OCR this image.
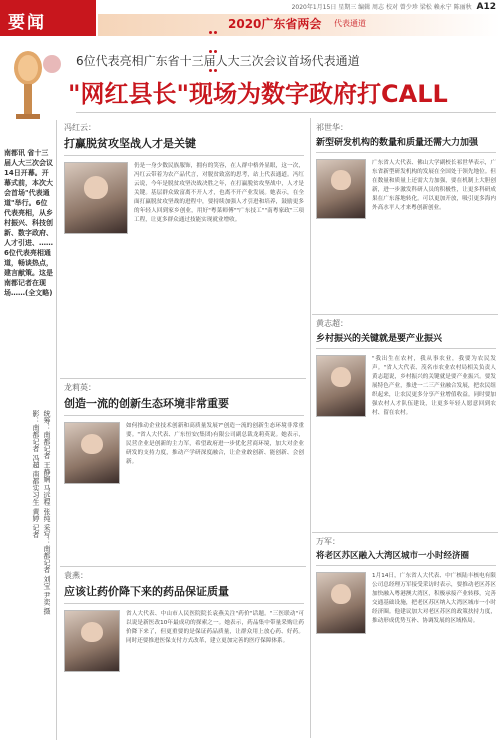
要闻
2020年1月15日 星期三 编辑 周志 校对 曾少珍 梁松 赖永宁 陈丽秋 A12
2020广东省两会 代表通道
6位代表亮相广东省十三届人大三次会议首场代表通道
"网红县长"现场为数字政府打CALL
南都讯 省十三届人大三次会议14日开幕。开幕式前，本次大会首场"代表通道"举行。6位代表亮相，从乡村振兴、科技创新、数字政府、人才引进、……6位代表亮相通道，畅谈热点，建言献策。这是南都记者在现场……(全文略)
统筹：南都记者 王静娴 马远程 张纯 采写：南都记者 刘宝 尹奕 摄影：南都记者 冯超 南都实习生 黄婷 记者
冯红云：
打赢脱贫攻坚战人才是关键
仍是一身少数民族服饰，拥有的笑容，在人群中格外显眼，这一次，冯红云带着为农产品代言，对脱贫致富的思考，站上代表通道。冯红云说，今年是脱贫攻坚决战决胜之年，在打赢脱贫攻坚战中，人才是关键。基层群众致富离不开人才，也离不开产业发展。她表示，在全面打赢脱贫攻坚战的进程中，要持续加强人才引进和培养，鼓励更多的年轻人回到家乡创业，用好"粤菜师傅""广东技工""南粤家政"三项工程，让更多群众通过技能实现就业增收。
龙莉英：
创造一流的创新生态环境非常重要
如何推动企业技术创新和高质量发展?"创造一流的创新生态环境非常重要。"省人大代表、广东恒安(集团)有限公司副总裁龙莉英说。她表示，民营企业是创新的主力军，希望政府进一步优化营商环境，加大对企业研发的支持力度，推动产学研深度融合，让企业敢创新、能创新、会创新。
袁燕：
应该让药价降下来的药品保证质量
省人大代表、中山市人民医院院长袁燕关注"药价"话题。"三医联动"可以说是新医改10年最成功的探索之一。她表示，药品集中带量采购让药价降下来了，但更重要的是保证药品质量，让群众用上放心药、好药。同时还要推进医保支付方式改革，建立更加完善的医疗保障体系。
祁世华：
新型研发机构的数量和质量还需大力加强
广东省人大代表、佛山大学副校长祁世华表示，广东省新型研发机构的发展在全国处于领先地位。但在数量和质量上还需大力加强，要在机制上大胆创新，进一步激发科研人员的积极性，让更多科研成果在广东落地转化。可以更加开放，吸引更多海内外高水平人才来粤创新创业。
黄志超：
乡村振兴的关键就是要产业振兴
"我出生在农村，我从事农业，我要为农民发声。"省人大代表、茂名市农业农村局相关负责人黄志超说，乡村振兴的关键就是要产业振兴。要发展特色产业，推进一二三产业融合发展，把农民组织起来，让农民更多分享产业增值收益。同时要加强农村人才队伍建设，让更多年轻人愿意回到农村、留在农村。
万军：
将老区苏区融入大湾区城市一小时经济圈
1月14日，广东省人大代表、中广核陆丰核电有限公司总经理万军接受采访时表示，要推动老区苏区加快融入粤港澳大湾区，积极承接产业转移，完善交通基础设施，把老区苏区纳入大湾区城市一小时经济圈。他建议加大对老区苏区的政策扶持力度，推动形成优势互补、协调发展的区域格局。
